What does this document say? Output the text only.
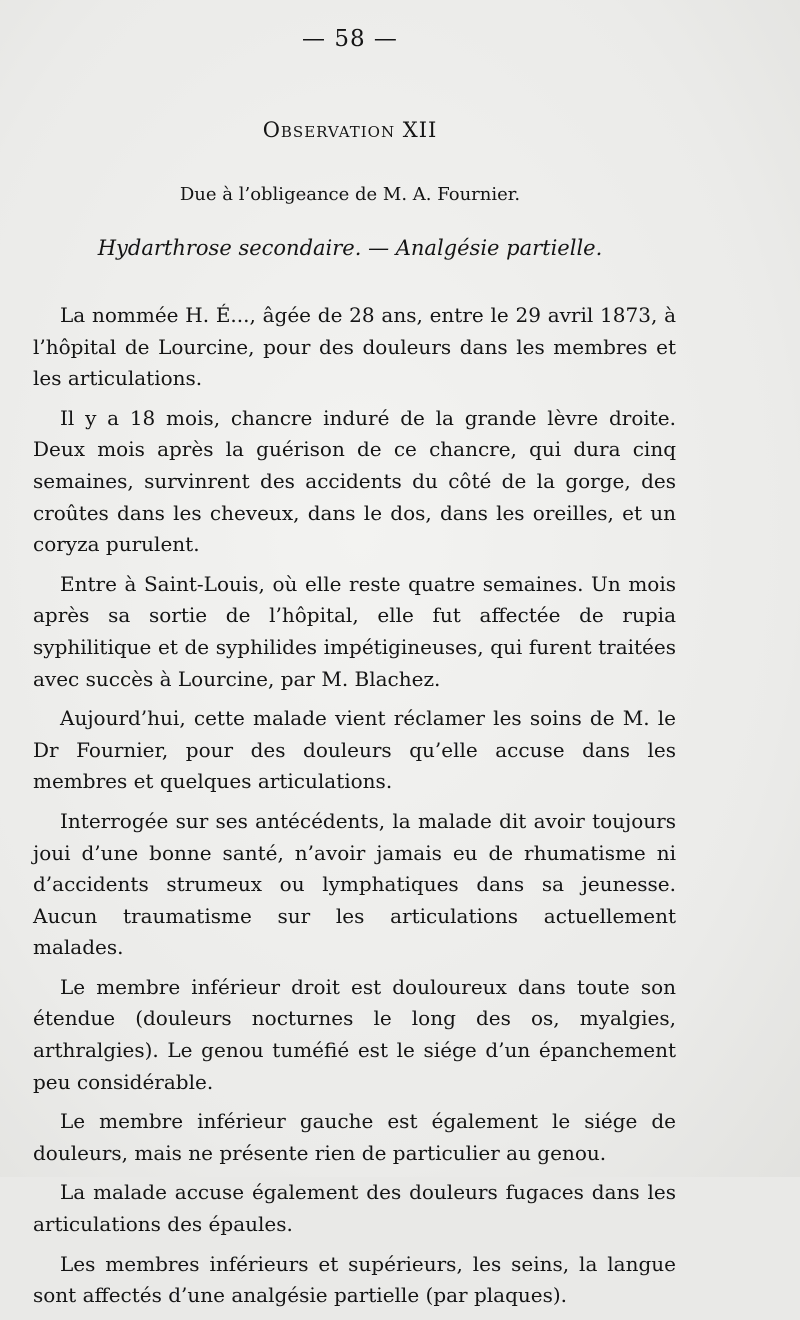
— 58 —
Observation XII
Due à l’obligeance de M. A. Fournier.
Hydarthrose secondaire. — Analgésie partielle.

La nommée H. É..., âgée de 28 ans, entre le 29 avril 1873, à l’hôpital de Lourcine, pour des douleurs dans les membres et les articulations.

Il y a 18 mois, chancre induré de la grande lèvre droite. Deux mois après la guérison de ce chancre, qui dura cinq semaines, survinrent des accidents du côté de la gorge, des croûtes dans les cheveux, dans le dos, dans les oreilles, et un coryza purulent.

Entre à Saint-Louis, où elle reste quatre semaines. Un mois après sa sortie de l’hôpital, elle fut affectée de rupia syphilitique et de syphilides impétigineuses, qui furent traitées avec succès à Lourcine, par M. Blachez.

Aujourd’hui, cette malade vient réclamer les soins de M. le Dr Fournier, pour des douleurs qu’elle accuse dans les membres et quelques articulations.

Interrogée sur ses antécédents, la malade dit avoir toujours joui d’une bonne santé, n’avoir jamais eu de rhumatisme ni d’accidents strumeux ou lymphatiques dans sa jeunesse. Aucun traumatisme sur les articulations actuellement malades.

Le membre inférieur droit est douloureux dans toute son étendue (douleurs nocturnes le long des os, myalgies, arthralgies). Le genou tuméfié est le siége d’un épanchement peu considérable.

Le membre inférieur gauche est également le siége de douleurs, mais ne présente rien de particulier au genou.

La malade accuse également des douleurs fugaces dans les articulations des épaules.

Les membres inférieurs et supérieurs, les seins, la langue sont affectés d’une analgésie partielle (par plaques).
